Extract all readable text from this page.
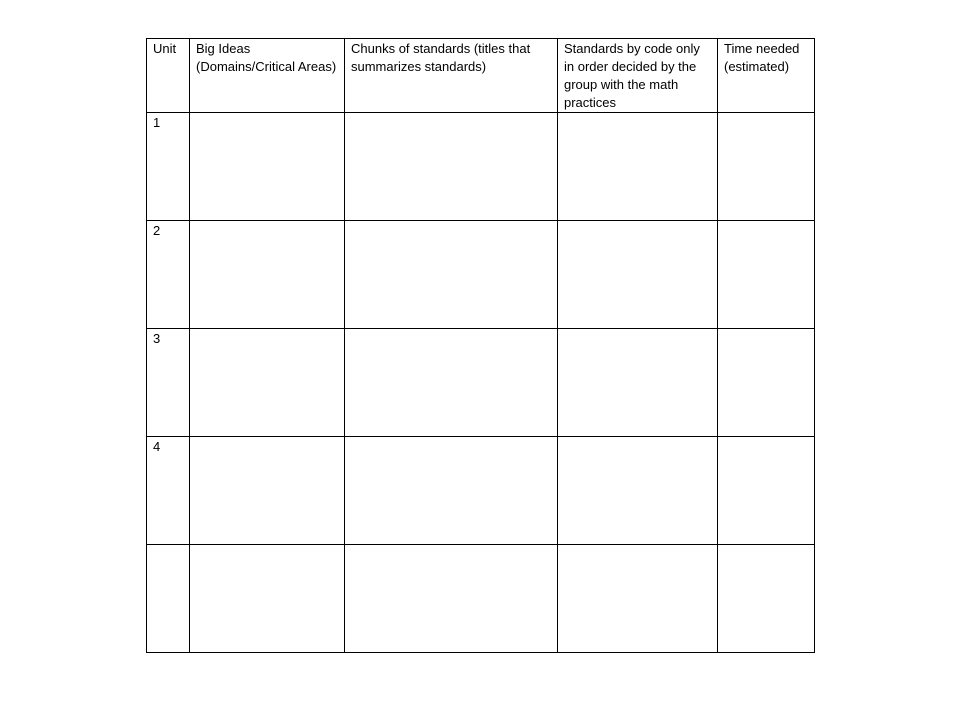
Unit	Big Ideas (Domains/Critical Areas)	Chunks of standards (titles that summarizes standards)	Standards by code only in order decided by the group with the math practices	Time needed (estimated)

1				

2				

3				

4				
